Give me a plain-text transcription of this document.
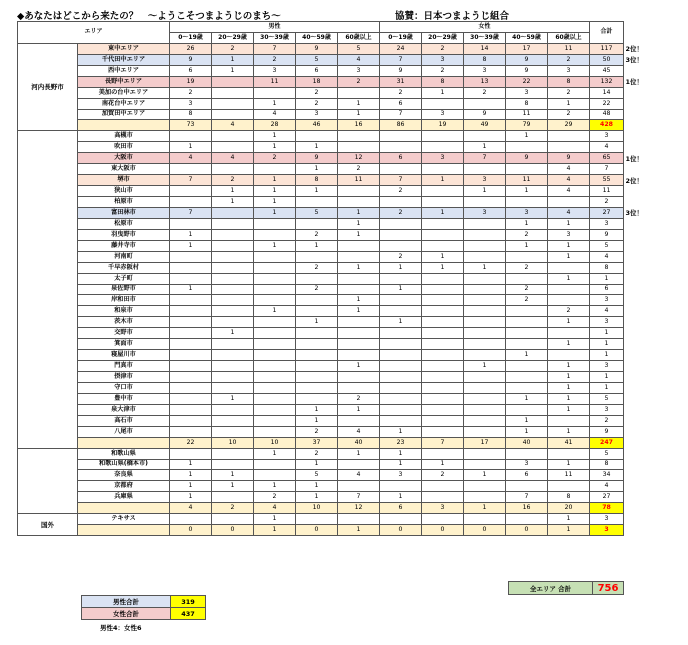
◆あなたはどこから来たの？　～ようこそつまようじのまち～	協賛：日本つまようじ組合
エリア		男性					女性					合計
		0～19歳	20～29歳	30～39歳	40～59歳	60歳以上	0～19歳	20～29歳	30～39歳	40～59歳	60歳以上	
河内長野市	東中エリア	26	2	7	9	5	24	2	14	17	11	117
	千代田中エリア	9	1	2	5	4	7	3	8	9	2	50
	西中エリア	6	1	3	6	3	9	2	3	9	3	45
	長野中エリア	19		11	18	2	31	8	13	22	8	132
	美加の台中エリア	2			2		2	1	2	3	2	14
	南花台中エリア	3		1	2	1	6			8	1	22
	加賀田中エリア	8		4	3	1	7	3	9	11	2	48
		73	4	28	46	16	86	19	49	79	29	428
	高槻市			1						1		3
	吹田市	1		1	1				1			4
	大阪市	4	4	2	9	12	6	3	7	9	9	65
	東大阪市				1	2					4	7
	堺市	7	2	1	8	11	7	1	3	11	4	55
	狭山市		1	1	1		2		1	1	4	11
	柏原市		1	1								2
	富田林市	7		1	5	1	2	1	3	3	4	27
	松原市					1				1	1	3
	羽曳野市	1			2	1				2	3	9
	藤井寺市	1		1	1					1	1	5
	河南町						2	1			1	4
	千早赤阪村				2	1	1	1	1	2		8
	太子町										1	1
	泉佐野市	1			2		1			2		6
	岸和田市					1				2		3
	和泉市			1		1					2	4
	茨木市				1		1				1	3
	交野市		1									1
	箕面市										1	1
	寝屋川市									1		1
	門真市					1			1		1	3
	摂津市										1	1
	守口市										1	1
	豊中市		1			2				1	1	5
	泉大津市				1	1					1	3
	高石市				1					1		2
	八尾市				2	4	1			1	1	9
		22	10	10	37	40	23	7	17	40	41	247
	和歌山県			1	2	1	1					5
	和歌山県(橋本市)	1			1		1	1		3	1	8
	奈良県	1	1		5	4	3	2	1	6	11	34
	京都府	1	1	1	1							4
	兵庫県	1		2	1	7	1			7	8	27
		4	2	4	10	12	6	3	1	16	20	78
国外	テキサス			1							1	3
		0	0	1	0	1	0	0	0	0	1	3
全エリア 合計	756
男性合計	319
女性合計	437
男性4：女性6
2位！
3位！
1位！
1位！
2位！
3位！
